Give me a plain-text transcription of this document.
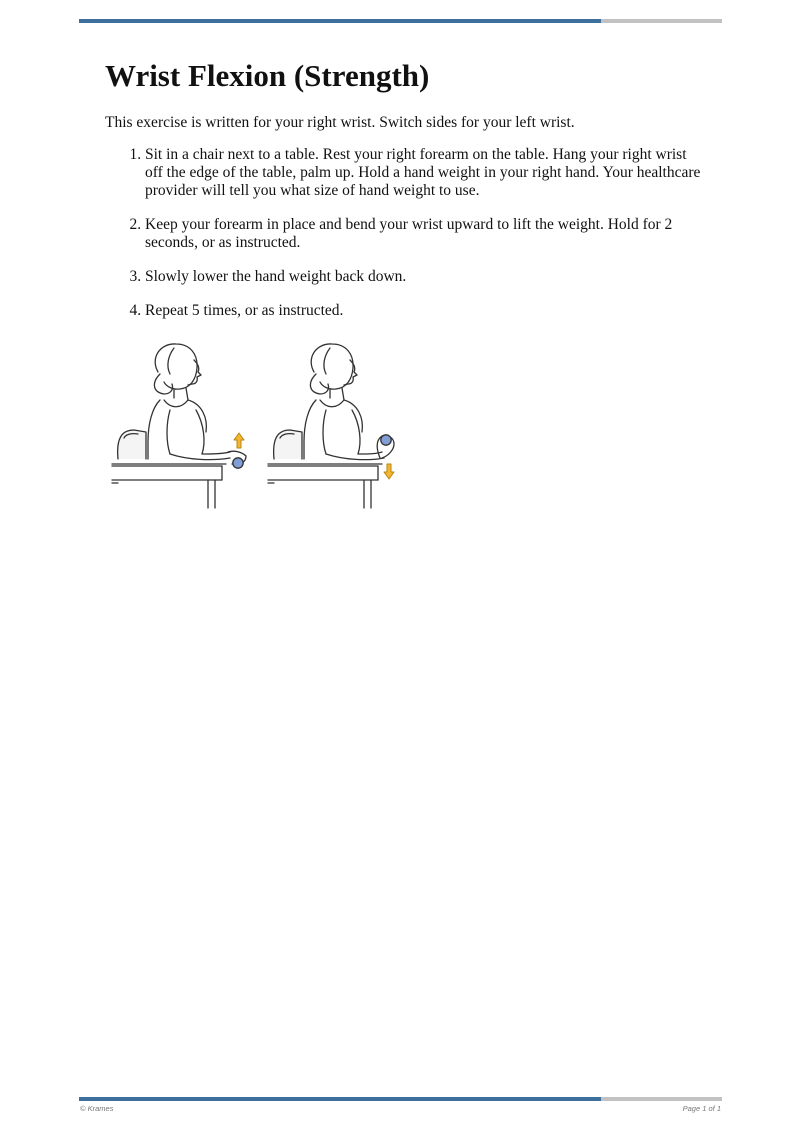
Wrist Flexion (Strength)

This exercise is written for your right wrist. Switch sides for your left wrist.

1. Sit in a chair next to a table. Rest your right forearm on the table. Hang your right wrist off the edge of the table, palm up. Hold a hand weight in your right hand. Your healthcare provider will tell you what size of hand weight to use.
2. Keep your forearm in place and bend your wrist upward to lift the weight. Hold for 2 seconds, or as instructed.
3. Slowly lower the hand weight back down.
4. Repeat 5 times, or as instructed.
© Krames	Page 1 of 1
